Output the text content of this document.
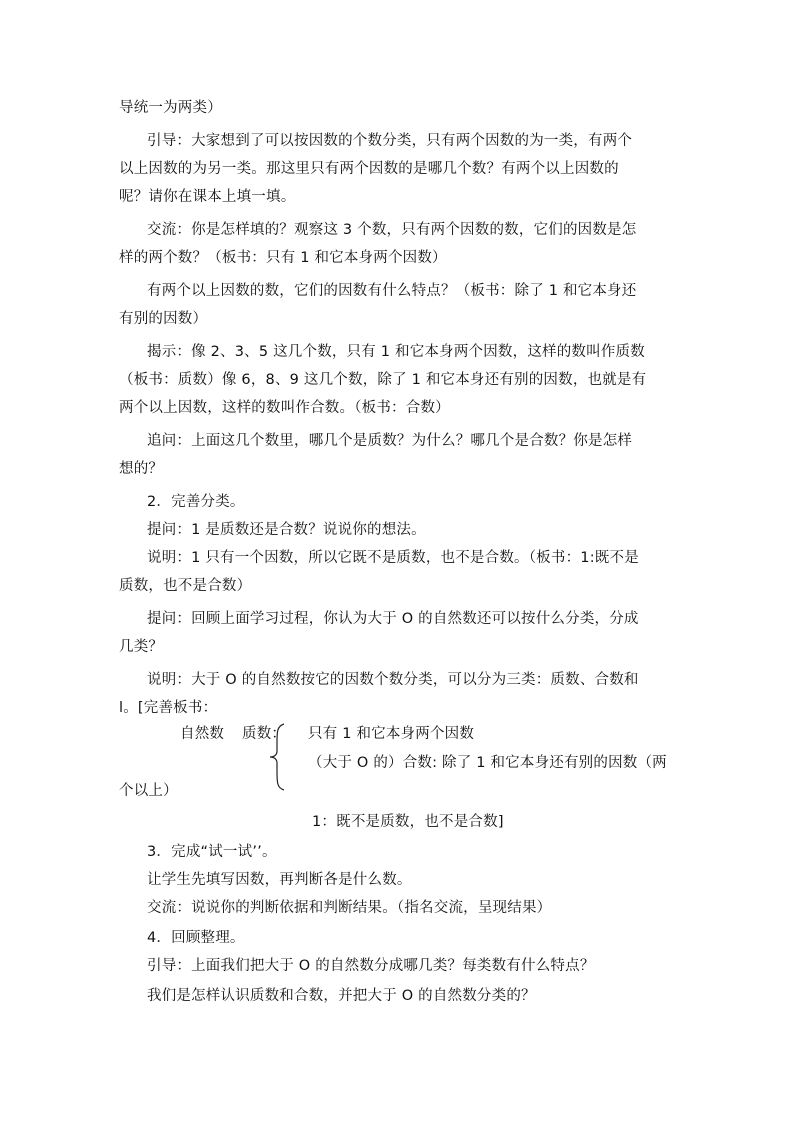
导统一为两类）
引导：大家想到了可以按因数的个数分类，只有两个因数的为一类，有两个
以上因数的为另一类。那这里只有两个因数的是哪几个数？有两个以上因数的
呢？请你在课本上填一填。
交流：你是怎样填的？观察这 3 个数，只有两个因数的数，它们的因数是怎
样的两个数？（板书：只有 1 和它本身两个因数）
有两个以上因数的数，它们的因数有什么特点？（板书：除了 1 和它本身还
有别的因数）
揭示：像 2、3、5 这几个数，只有 1 和它本身两个因数，这样的数叫作质数
（板书：质数）像 6，8、9 这几个数，除了 1 和它本身还有别的因数，也就是有
两个以上因数，这样的数叫作合数。（板书：合数）
追问：上面这几个数里，哪几个是质数？为什么？哪几个是合数？你是怎样
想的？
2．完善分类。
提问：1 是质数还是合数？说说你的想法。
说明：1 只有一个因数，所以它既不是质数，也不是合数。（板书：1:既不是
质数，也不是合数）
提问：回顾上面学习过程，你认为大于 O 的自然数还可以按什么分类，分成
几类？
说明：大于 O 的自然数按它的因数个数分类，可以分为三类：质数、合数和
l。[完善板书：
自然数 质数： 只有 1 和它本身两个因数
（大于 O 的）合数: 除了 1 和它本身还有别的因数（两
个以上）
1：既不是质数，也不是合数]
3．完成“试一试’’。
让学生先填写因数，再判断各是什么数。
交流：说说你的判断依据和判断结果。（指名交流，呈现结果）
4．回顾整理。
引导：上面我们把大于 O 的自然数分成哪几类？每类数有什么特点？
我们是怎样认识质数和合数，并把大于 O 的自然数分类的？
